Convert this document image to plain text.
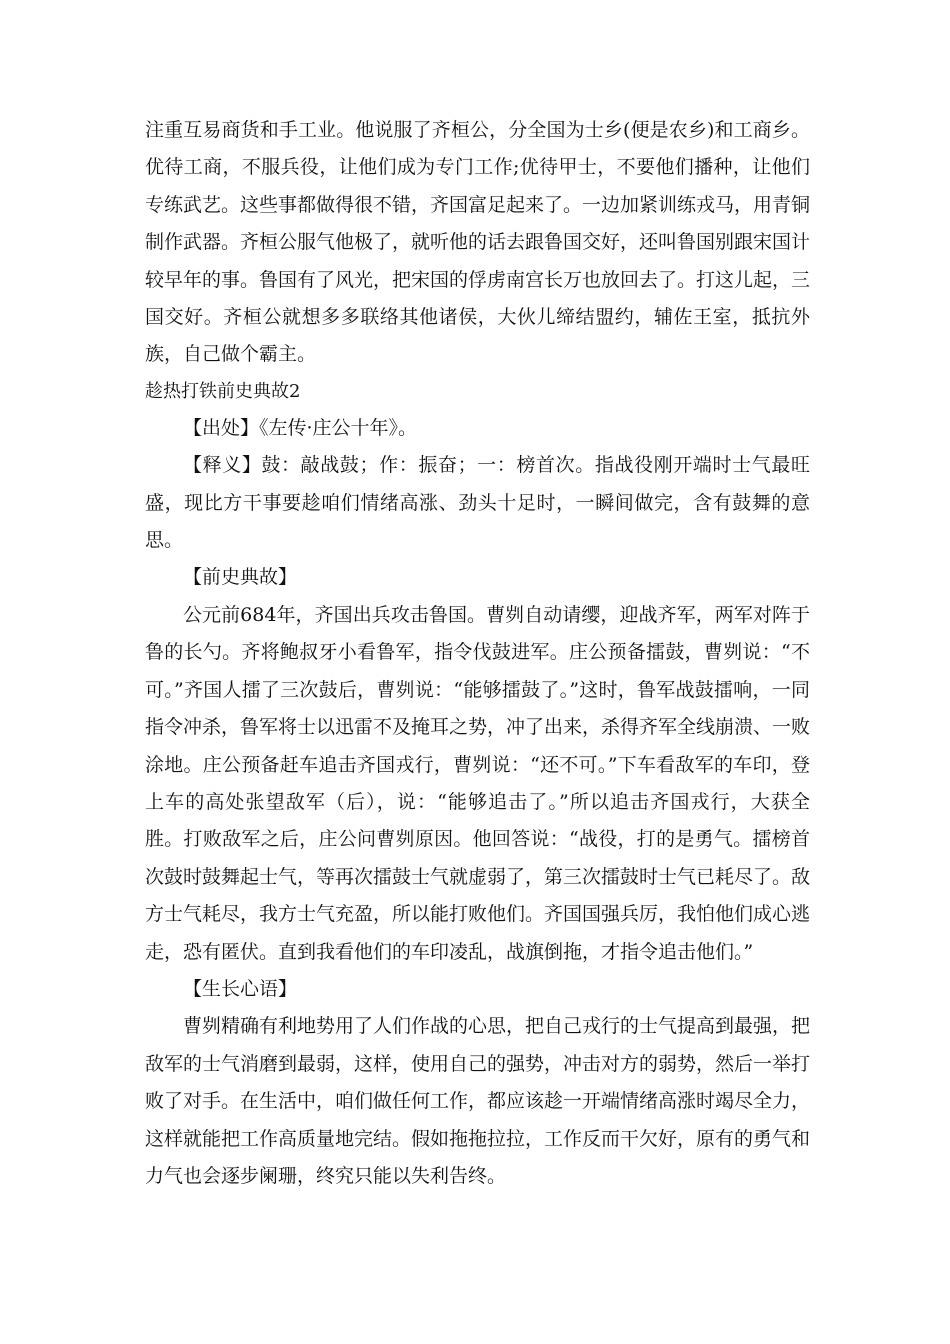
注重互易商货和手工业。他说服了齐桓公，分全国为士乡(便是农乡)和工商乡。优待工商，不服兵役，让他们成为专门工作;优待甲士，不要他们播种，让他们专练武艺。这些事都做得很不错，齐国富足起来了。一边加紧训练戎马，用青铜制作武器。齐桓公服气他极了，就听他的话去跟鲁国交好，还叫鲁国别跟宋国计较早年的事。鲁国有了风光，把宋国的俘虏南宫长万也放回去了。打这儿起，三国交好。齐桓公就想多多联络其他诸侯，大伙儿缔结盟约，辅佐王室，抵抗外族，自己做个霸主。

趁热打铁前史典故2

【出处】《左传·庄公十年》。

【释义】鼓：敲战鼓；作：振奋；一：榜首次。指战役刚开端时士气最旺盛，现比方干事要趁咱们情绪高涨、劲头十足时，一瞬间做完，含有鼓舞的意思。

【前史典故】

公元前684年，齐国出兵攻击鲁国。曹刿自动请缨，迎战齐军，两军对阵于鲁的长勺。齐将鲍叔牙小看鲁军，指令伐鼓进军。庄公预备擂鼓，曹刿说：“不可。”齐国人擂了三次鼓后，曹刿说：“能够擂鼓了。”这时，鲁军战鼓擂响，一同指令冲杀，鲁军将士以迅雷不及掩耳之势，冲了出来，杀得齐军全线崩溃、一败涂地。庄公预备赶车追击齐国戎行，曹刿说：“还不可。”下车看敌军的车印，登上车的高处张望敌军（后），说：“能够追击了。”所以追击齐国戎行，大获全胜。打败敌军之后，庄公问曹刿原因。他回答说：“战役，打的是勇气。擂榜首次鼓时鼓舞起士气，等再次擂鼓士气就虚弱了，第三次擂鼓时士气已耗尽了。敌方士气耗尽，我方士气充盈，所以能打败他们。齐国国强兵厉，我怕他们成心逃走，恐有匿伏。直到我看他们的车印凌乱，战旗倒拖，才指令追击他们。”

【生长心语】

曹刿精确有利地势用了人们作战的心思，把自己戎行的士气提高到最强，把敌军的士气消磨到最弱，这样，使用自己的强势，冲击对方的弱势，然后一举打败了对手。在生活中，咱们做任何工作，都应该趁一开端情绪高涨时竭尽全力，这样就能把工作高质量地完结。假如拖拖拉拉，工作反而干欠好，原有的勇气和力气也会逐步阑珊，终究只能以失利告终。
